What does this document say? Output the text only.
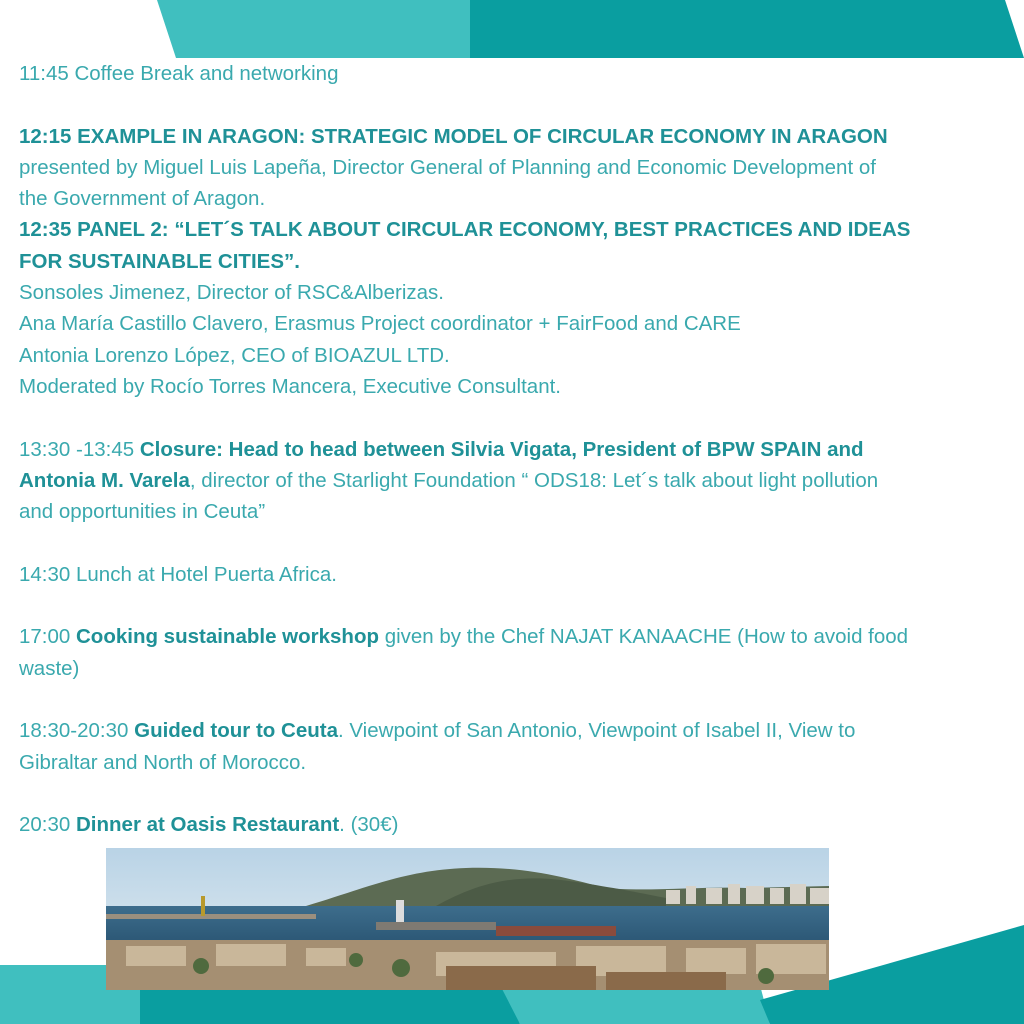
11:45 Coffee Break and networking

12:15 EXAMPLE IN ARAGON: STRATEGIC MODEL OF CIRCULAR ECONOMY IN ARAGON

presented by Miguel Luis Lapeña, Director General of Planning and Economic Development of

the Government of Aragon.

12:35 PANEL 2: “LET´S TALK ABOUT CIRCULAR ECONOMY, BEST PRACTICES AND IDEAS

FOR SUSTAINABLE CITIES”.

Sonsoles Jimenez, Director of RSC&Alberizas.

Ana María Castillo Clavero, Erasmus Project coordinator + FairFood and CARE

Antonia Lorenzo López, CEO of BIOAZUL LTD.

Moderated by Rocío Torres Mancera, Executive Consultant.

13:30 -13:45 Closure: Head to head between Silvia Vigata, President of BPW SPAIN and

Antonia M. Varela, director of the Starlight Foundation “ ODS18: Let´s talk about light pollution

and opportunities in Ceuta”

14:30 Lunch at Hotel Puerta Africa.

17:00 Cooking sustainable workshop given by the Chef NAJAT KANAACHE (How to avoid food

waste)

18:30-20:30 Guided tour to Ceuta. Viewpoint of San Antonio, Viewpoint of Isabel II, View to

Gibraltar and North of Morocco.

20:30 Dinner at Oasis Restaurant. (30€)
